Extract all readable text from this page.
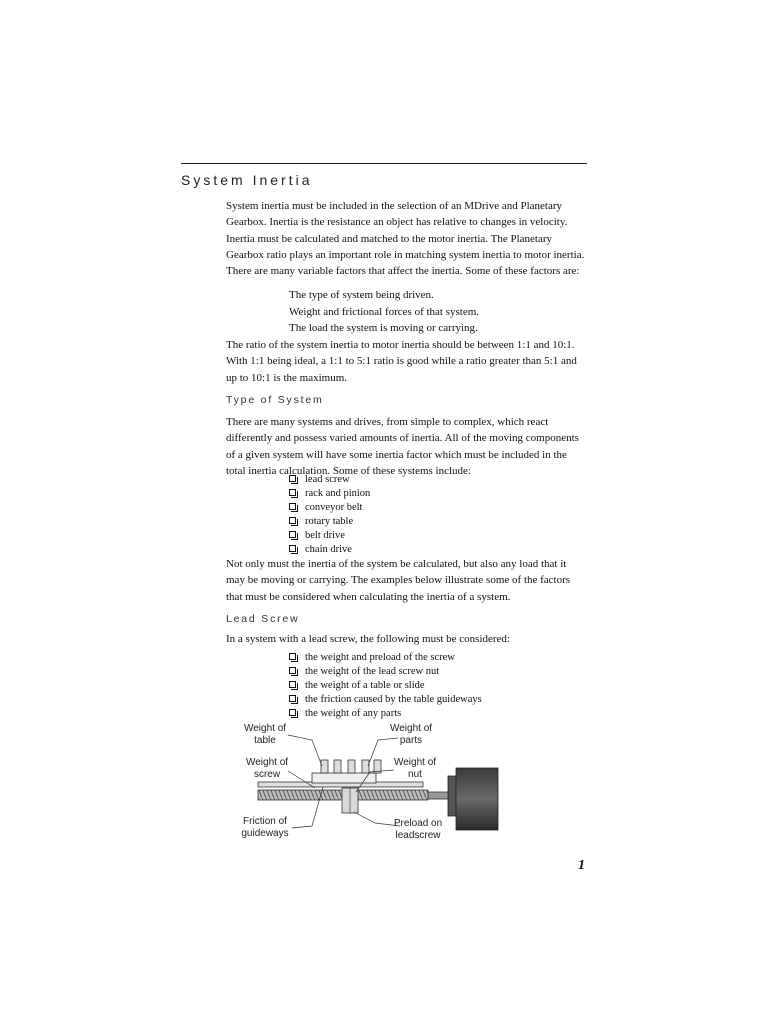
System Inertia

System inertia must be included in the selection of an MDrive and Planetary Gearbox. Inertia is the resistance an object has relative to changes in velocity. Inertia must be calculated and matched to the motor inertia. The Planetary Gearbox ratio plays an important role in matching system inertia to motor inertia. There are many variable factors that affect the inertia. Some of these factors are:

The type of system being driven.
Weight and frictional forces of that system.
The load the system is moving or carrying.

The ratio of the system inertia to motor inertia should be between 1:1 and 10:1. With 1:1 being ideal, a 1:1 to 5:1 ratio is good while a ratio greater than 5:1 and up to 10:1 is the maximum.

Type of System

There are many systems and drives, from simple to complex, which react differently and possess varied amounts of inertia. All of the moving components of a given system will have some inertia factor which must be included in the total inertia calculation. Some of these systems include:

lead screw
rack and pinion
conveyor belt
rotary table
belt drive
chain drive

Not only must the inertia of the system be calculated, but also any load that it may be moving or carrying. The examples below illustrate some of the factors that must be considered when calculating the inertia of a system.

Lead Screw

In a system with a lead screw, the following must be considered:

the weight and preload of the screw
the weight of the lead screw nut
the weight of a table or slide
the friction caused by the table guideways
the weight of any parts
Weight of table
Weight of parts
Weight of screw
Weight of nut
Friction of guideways
Preload on leadscrew
1
